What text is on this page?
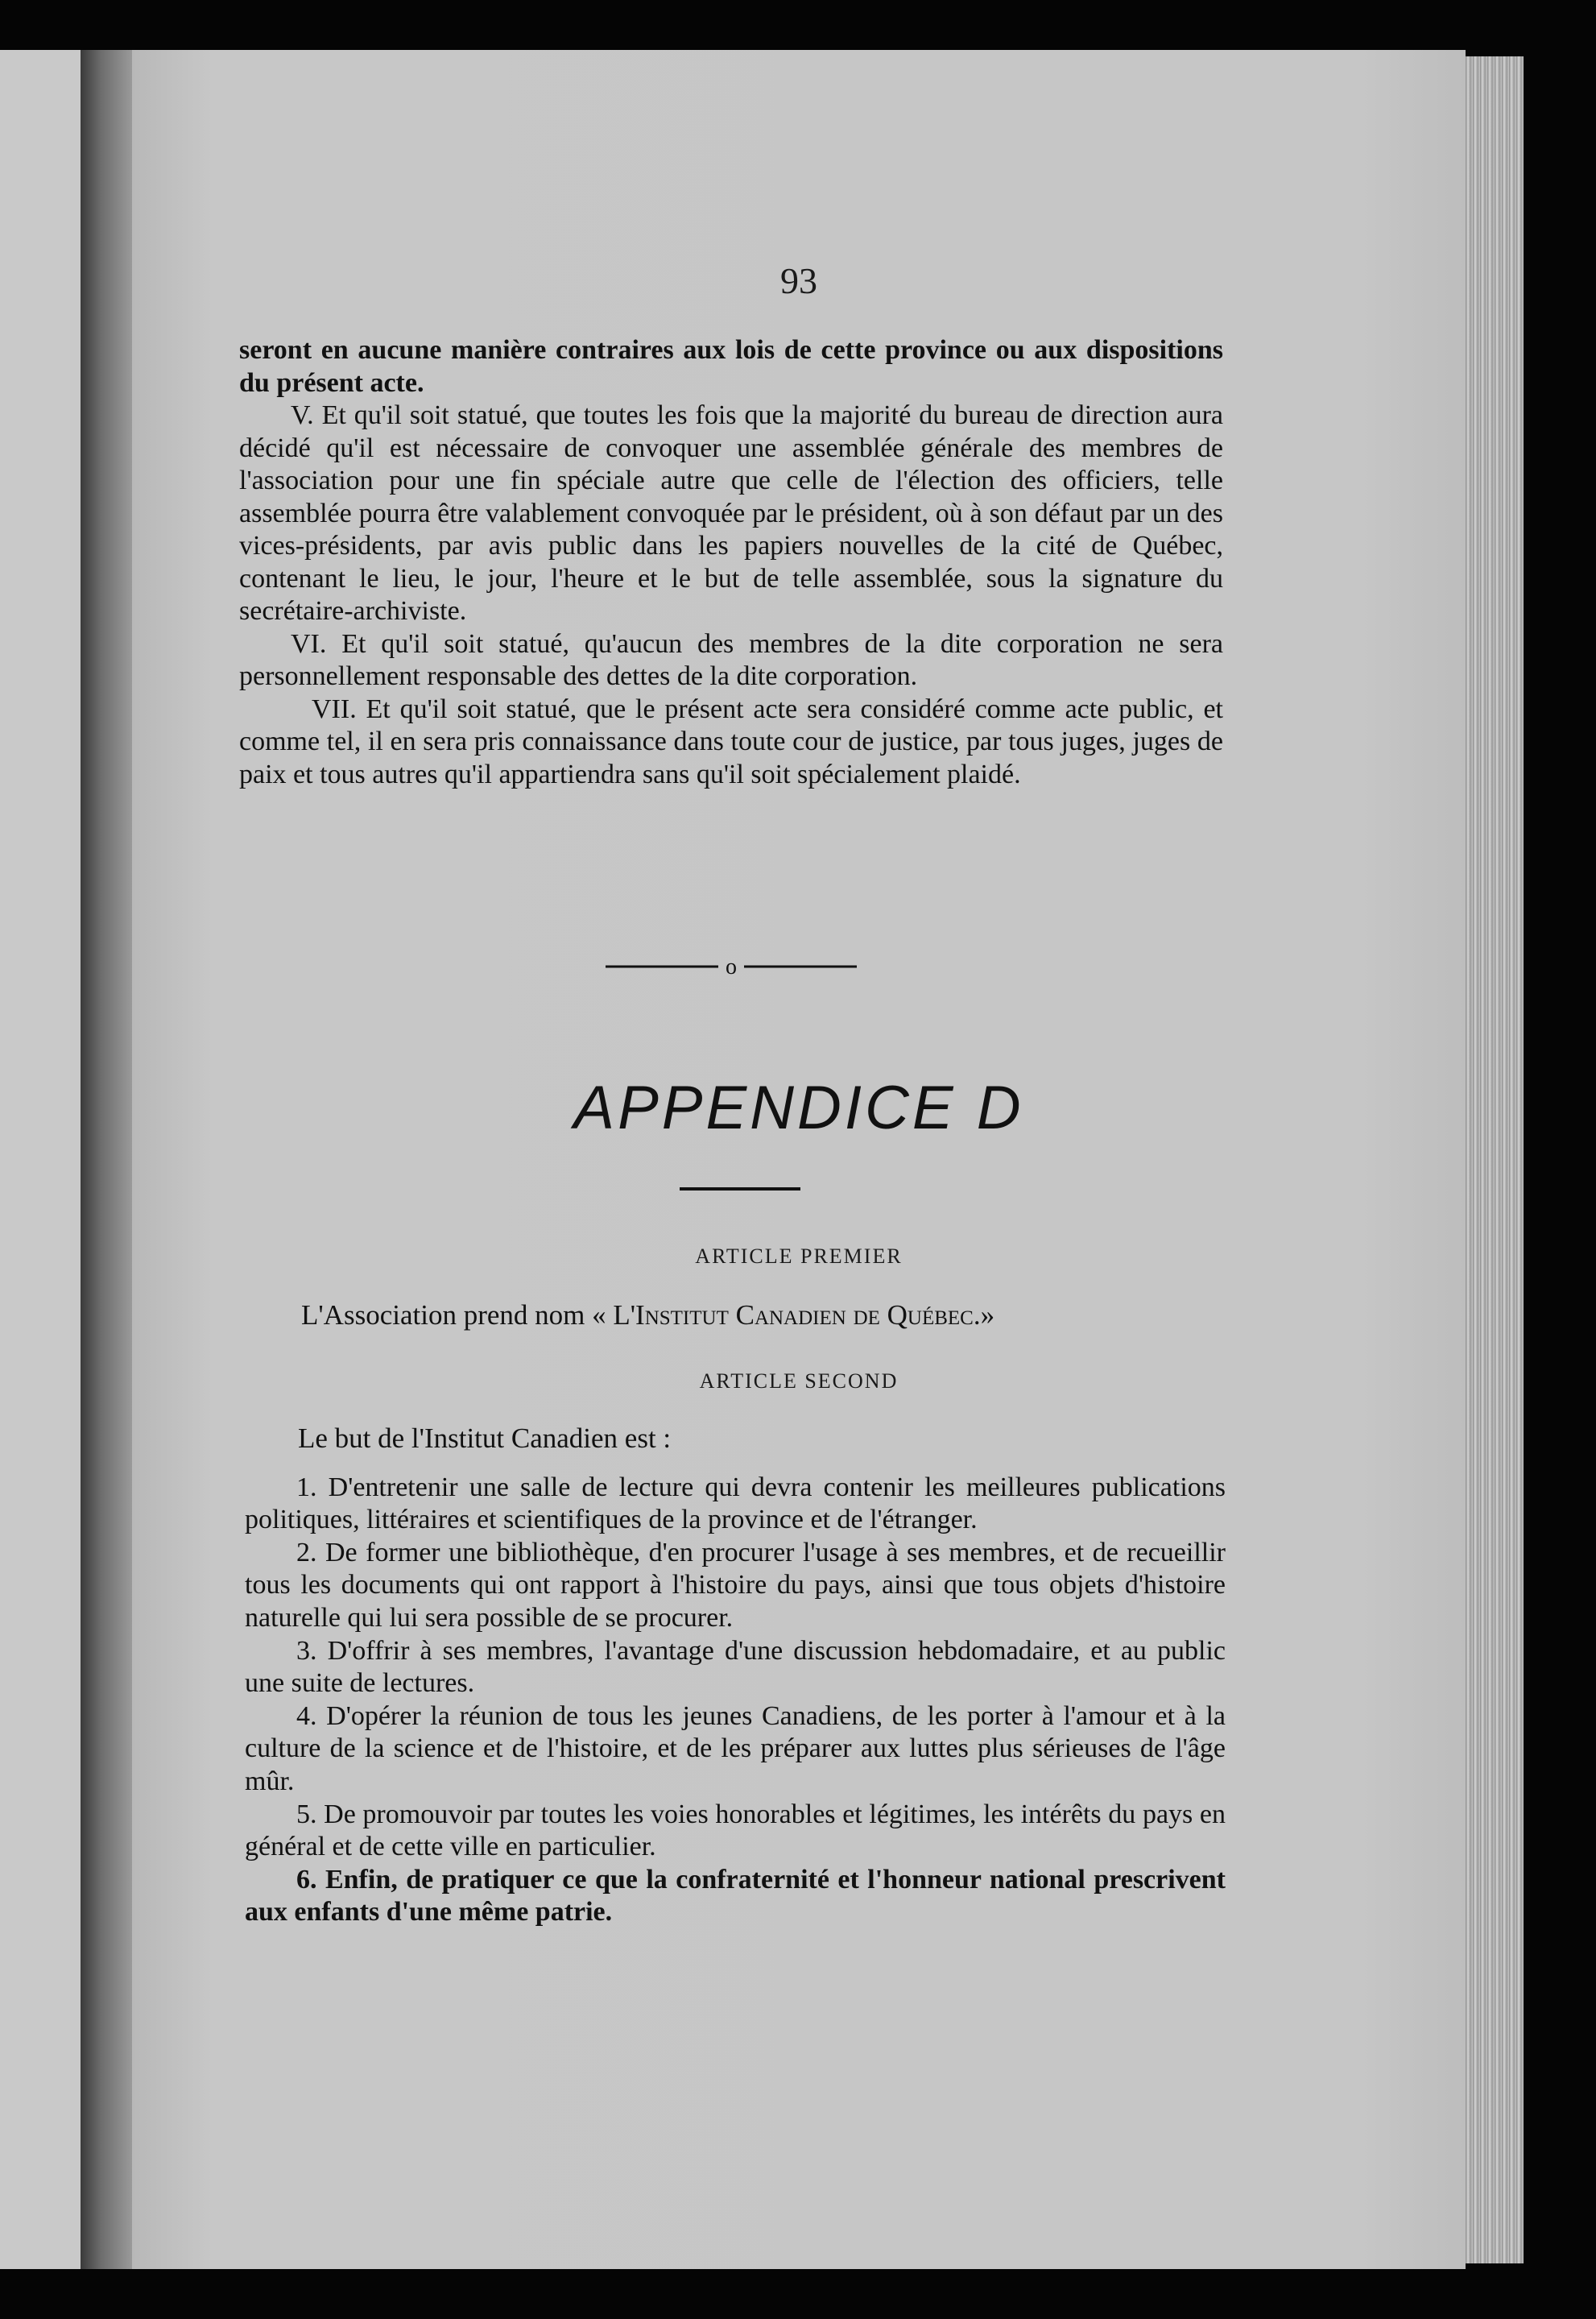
93

seront en aucune manière contraires aux lois de cette province ou aux dispositions du présent acte.

V. Et qu'il soit statué, que toutes les fois que la majorité du bureau de direction aura décidé qu'il est nécessaire de convoquer une assemblée générale des membres de l'association pour une fin spéciale autre que celle de l'élection des officiers, telle assemblée pourra être valablement convoquée par le président, où à son défaut par un des vices-présidents, par avis public dans les papiers nouvelles de la cité de Québec, contenant le lieu, le jour, l'heure et le but de telle assemblée, sous la signature du secrétaire-archiviste.

VI. Et qu'il soit statué, qu'aucun des membres de la dite corporation ne sera personnellement responsable des dettes de la dite corporation.

VII. Et qu'il soit statué, que le présent acte sera considéré comme acte public, et comme tel, il en sera pris connaissance dans toute cour de justice, par tous juges, juges de paix et tous autres qu'il appartiendra sans qu'il soit spécialement plaidé.

o
APPENDICE D
ARTICLE PREMIER
L'Association prend nom « L'Institut Canadien de Québec.»
ARTICLE SECOND

Le but de l'Institut Canadien est :

1. D'entretenir une salle de lecture qui devra contenir les meilleures publications politiques, littéraires et scientifiques de la province et de l'étranger.

2. De former une bibliothèque, d'en procurer l'usage à ses membres, et de recueillir tous les documents qui ont rapport à l'histoire du pays, ainsi que tous objets d'histoire naturelle qui lui sera possible de se procurer.

3. D'offrir à ses membres, l'avantage d'une discussion hebdomadaire, et au public une suite de lectures.

4. D'opérer la réunion de tous les jeunes Canadiens, de les porter à l'amour et à la culture de la science et de l'histoire, et de les préparer aux luttes plus sérieuses de l'âge mûr.

5. De promouvoir par toutes les voies honorables et légitimes, les intérêts du pays en général et de cette ville en particulier.

6. Enfin, de pratiquer ce que la confraternité et l'honneur national prescrivent aux enfants d'une même patrie.
